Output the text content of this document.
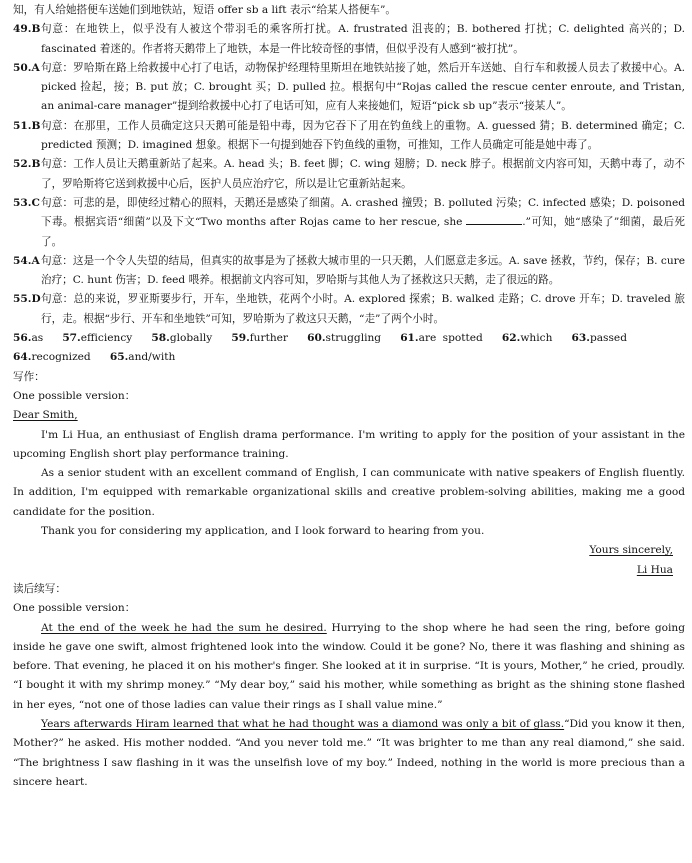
知，有人给她搭便车送她们到地铁站，短语 offer sb a lift 表示“给某人搭便车”。

49.B 句意：在地铁上，似乎没有人被这个带羽毛的乘客所打扰。A. frustrated 沮丧的；B. bothered 打扰；C. delighted 高兴的；D. fascinated 着迷的。作者将天鹅带上了地铁，本是一件比较奇怪的事情，但似乎没有人感到“被打扰”。
50.A 句意：罗哈斯在路上给救援中心打了电话，动物保护经理特里斯坦在地铁站接了她，然后开车送她、自行车和救援人员去了救援中心。A. picked 捡起，接；B. put 放；C. brought 买；D. pulled 拉。根据句中“Rojas called the rescue center enroute, and Tristan, an animal-care manager”提到给救援中心打了电话可知，应有人来接她们，短语“pick sb up”表示“接某人”。
51.B 句意：在那里，工作人员确定这只天鹅可能是铅中毒，因为它吞下了用在钓鱼线上的重物。A. guessed 猜；B. determined 确定；C. predicted 预测；D. imagined 想象。根据下一句提到她吞下钓鱼线的重物，可推知，工作人员确定可能是她中毒了。
52.B 句意：工作人员让天鹅重新站了起来。A. head 头；B. feet 脚；C. wing 翅膀；D. neck 脖子。根据前文内容可知，天鹅中毒了，动不了，罗哈斯将它送到救援中心后，医护人员应治疗它，所以是让它重新站起来。
53.C 句意：可悲的是，即使经过精心的照料，天鹅还是感染了细菌。A. crashed 撞毁；B. polluted 污染；C. infected 感染；D. poisoned 下毒。根据宾语“细菌”以及下文“Two months after Rojas came to her rescue, she	.”可知，她“感染了”细菌，最后死了。
54.A 句意：这是一个令人失望的结局，但真实的故事是为了拯救大城市里的一只天鹅，人们愿意走多远。A. save 拯救，节约，保存；B. cure 治疗；C. hunt 伤害；D. feed 喂养。根据前文内容可知，罗哈斯与其他人为了拯救这只天鹅，走了很远的路。
55.D 句意：总的来说，罗亚斯要步行，开车，坐地铁，花两个小时。A. explored 探索；B. walked 走路；C. drove 开车；D. traveled 旅行，走。根据“步行、开车和坐地铁”可知，罗哈斯为了救这只天鹅，“走”了两个小时。

56.as 57.efficiency 58.globally 59.further 60.struggling 61.are spotted 62.which 63.passed
64.recognized 65.and/with

写作：

One possible version：

Dear Smith,

I'm Li Hua, an enthusiast of English drama performance. I'm writing to apply for the position of your assistant in the upcoming English short play performance training.

As a senior student with an excellent command of English, I can communicate with native speakers of English fluently. In addition, I'm equipped with remarkable organizational skills and creative problem-solving abilities, making me a good candidate for the position.

Thank you for considering my application, and I look forward to hearing from you.

Yours sincerely,

Li Hua

读后续写：

One possible version：

At the end of the week he had the sum he desired. Hurrying to the shop where he had seen the ring, before going inside he gave one swift, almost frightened look into the window. Could it be gone? No, there it was flashing and shining as before. That evening, he placed it on his mother's finger. She looked at it in surprise. “It is yours, Mother,” he cried, proudly. “I bought it with my shrimp money.” “My dear boy,” said his mother, while something as bright as the shining stone flashed in her eyes, “not one of those ladies can value their rings as I shall value mine.”

Years afterwards Hiram learned that what he had thought was a diamond was only a bit of glass.“Did you know it then, Mother?” he asked. His mother nodded. “And you never told me.” “It was brighter to me than any real diamond,” she said. “The brightness I saw flashing in it was the unselfish love of my boy.” Indeed, nothing in the world is more precious than a sincere heart.
